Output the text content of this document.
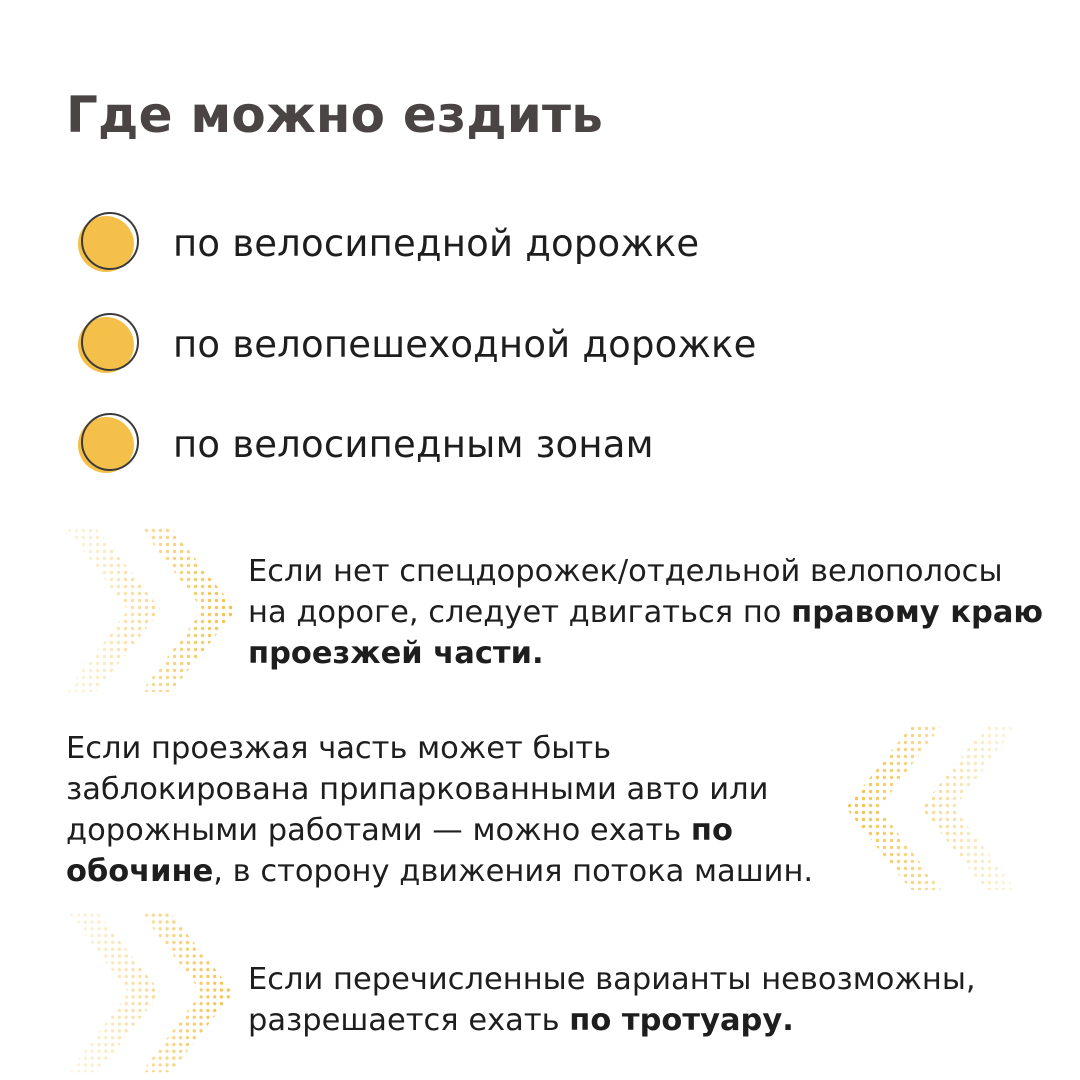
Где можно ездить
по велосипедной дорожке
по велопешеходной дорожке
по велосипедным зонам

Если нет спецдорожек/отдельной велополосы на дороге, следует двигаться по правому краю проезжей части.

Если проезжая часть может быть заблокирована припаркованными авто или дорожными работами — можно ехать по обочине, в сторону движения потока машин.

Если перечисленные варианты невозможны, разрешается ехать по тротуару.
